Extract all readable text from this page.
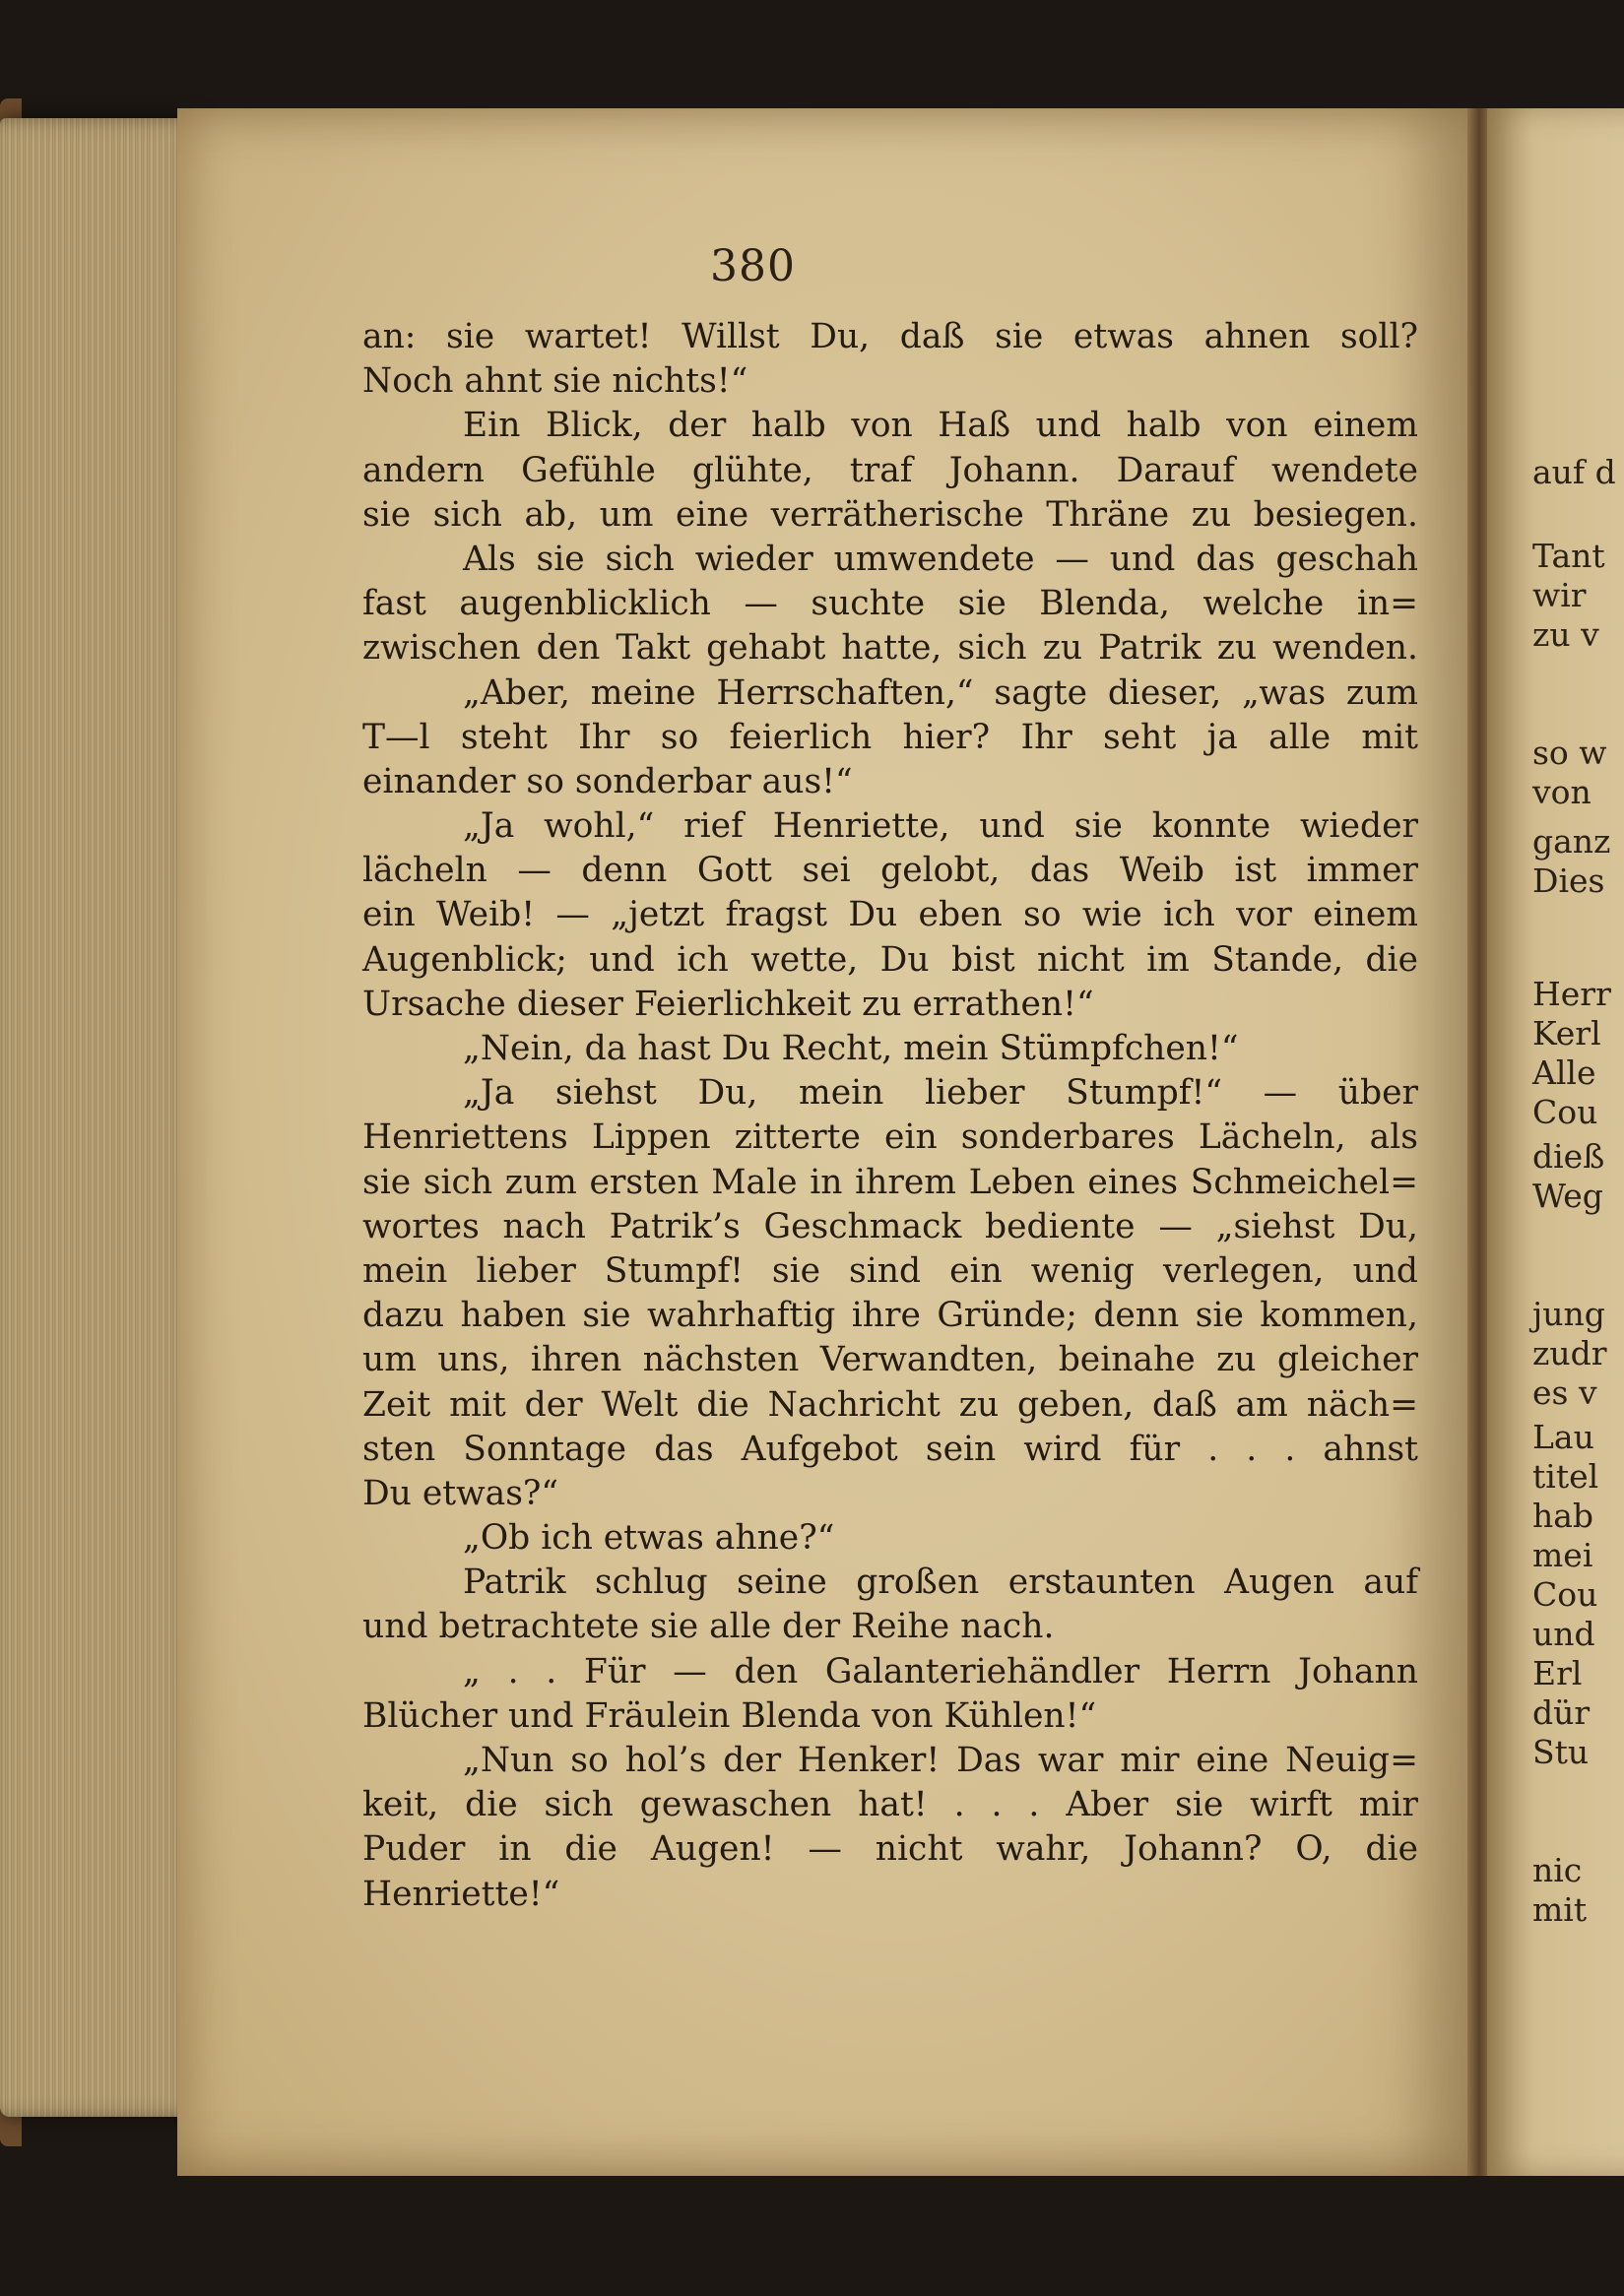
380
an: sie wartet! Willst Du, daß sie etwas ahnen soll?
Noch ahnt sie nichts!“
Ein Blick, der halb von Haß und halb von einem
andern Gefühle glühte, traf Johann. Darauf wendete
sie sich ab, um eine verrätherische Thräne zu besiegen.
Als sie sich wieder umwendete — und das geschah
fast augenblicklich — suchte sie Blenda, welche in=
zwischen den Takt gehabt hatte, sich zu Patrik zu wenden.
„Aber, meine Herrschaften,“ sagte dieser, „was zum
T—l steht Ihr so feierlich hier? Ihr seht ja alle mit
einander so sonderbar aus!“
„Ja wohl,“ rief Henriette, und sie konnte wieder
lächeln — denn Gott sei gelobt, das Weib ist immer
ein Weib! — „jetzt fragst Du eben so wie ich vor einem
Augenblick; und ich wette, Du bist nicht im Stande, die
Ursache dieser Feierlichkeit zu errathen!“
„Nein, da hast Du Recht, mein Stümpfchen!“
„Ja siehst Du, mein lieber Stumpf!“ — über
Henriettens Lippen zitterte ein sonderbares Lächeln, als
sie sich zum ersten Male in ihrem Leben eines Schmeichel=
wortes nach Patrik’s Geschmack bediente — „siehst Du,
mein lieber Stumpf! sie sind ein wenig verlegen, und
dazu haben sie wahrhaftig ihre Gründe; denn sie kommen,
um uns, ihren nächsten Verwandten, beinahe zu gleicher
Zeit mit der Welt die Nachricht zu geben, daß am näch=
sten Sonntage das Aufgebot sein wird für . . . ahnst
Du etwas?“
„Ob ich etwas ahne?“
Patrik schlug seine großen erstaunten Augen auf
und betrachtete sie alle der Reihe nach.
„ . . Für — den Galanteriehändler Herrn Johann
Blücher und Fräulein Blenda von Kühlen!“
„Nun so hol’s der Henker! Das war mir eine Neuig=
keit, die sich gewaschen hat! . . . Aber sie wirft mir
Puder in die Augen! — nicht wahr, Johann? O, die
Henriette!“
auf d
Tant
wir
zu v
so w
von
ganz
Dies
Herr
Kerl
Alle
Cou
dieß
Weg
jung
zudr
es v
Lau
titel
hab
mei
Cou
und
Erl
dür
Stu
nic
mit
